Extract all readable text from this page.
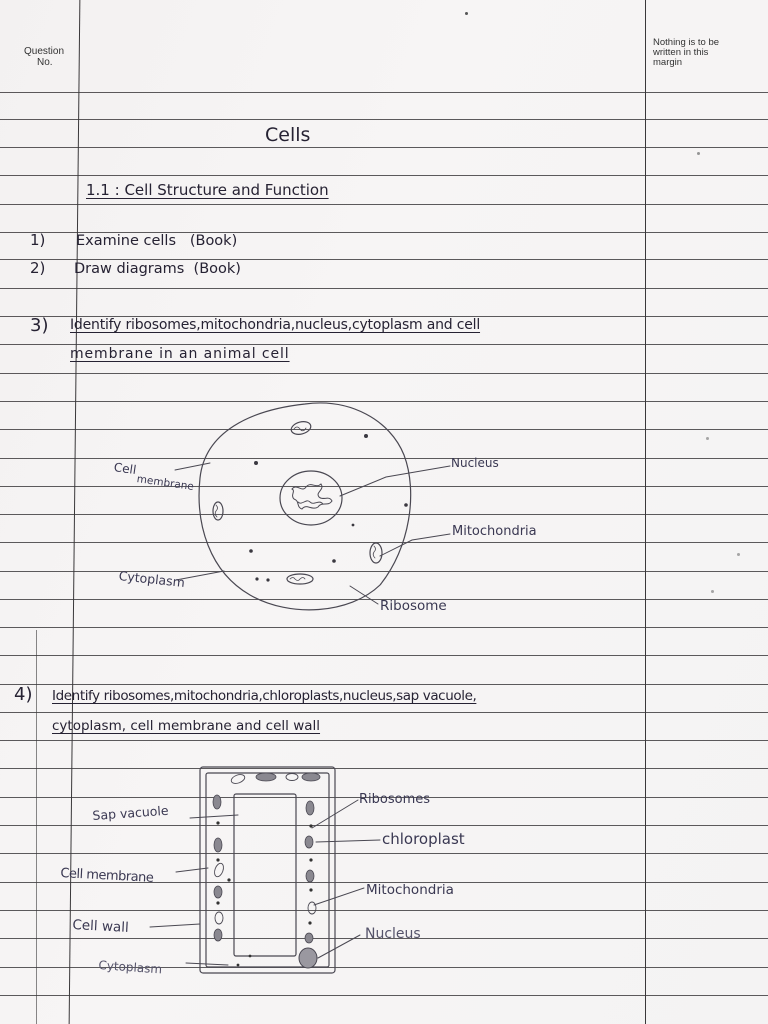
Question
No.
Nothing is to be written in this margin
Cells
1.1 : Cell Structure and Function
1) Examine cells   (Book)
2) Draw diagrams  (Book)
3) Identify ribosomes,mitochondria,nucleus,cytoplasm and cell
membrane in an animal cell
Cell
membrane
Nucleus
Mitochondria
Cytoplasm
Ribosome
4) Identify ribosomes,mitochondria,chloroplasts,nucleus,sap vacuole,
cytoplasm, cell membrane and cell wall
Sap vacuole
Cell membrane
Cell wall
Cytoplasm
Ribosomes
chloroplast
Mitochondria
Nucleus
